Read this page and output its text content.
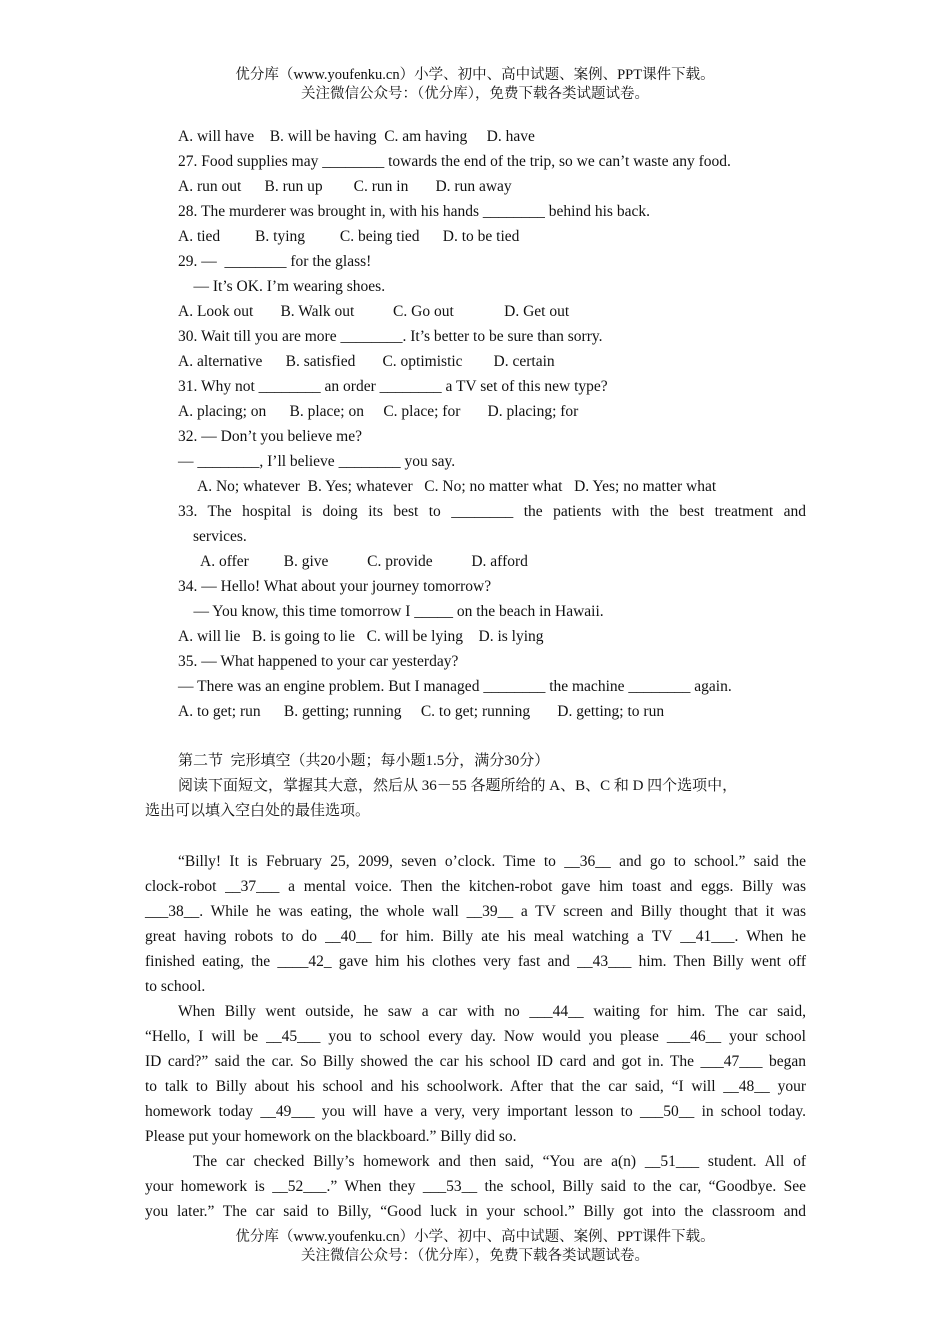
优分库（www.youfenku.cn）小学、初中、高中试题、案例、PPT课件下载。
关注微信公众号：（优分库），免费下载各类试题试卷。
A. will have    B. will be having  C. am having     D. have
27. Food supplies may ________ towards the end of the trip, so we can’t waste any food.
A. run out      B. run up        C. run in       D. run away
28. The murderer was brought in, with his hands ________ behind his back.
A. tied         B. tying         C. being tied      D. to be tied
29. —  ________ for the glass!
— It’s OK. I’m wearing shoes.
A. Look out       B. Walk out          C. Go out             D. Get out
30. Wait till you are more ________. It’s better to be sure than sorry.
A. alternative      B. satisfied       C. optimistic        D. certain
31. Why not ________ an order ________ a TV set of this new type?
A. placing; on      B. place; on     C. place; for       D. placing; for
32. — Don’t you believe me?
— ________, I’ll believe ________ you say.
A. No; whatever  B. Yes; whatever   C. No; no matter what   D. Yes; no matter what
33. The hospital is doing its best to ________ the patients with the best treatment and
services.
A. offer         B. give          C. provide          D. afford
34. — Hello! What about your journey tomorrow?
— You know, this time tomorrow I _____ on the beach in Hawaii.
A. will lie   B. is going to lie   C. will be lying    D. is lying
35. — What happened to your car yesterday?
— There was an engine problem. But I managed ________ the machine ________ again.
A. to get; run      B. getting; running     C. to get; running       D. getting; to run
第二节  完形填空（共20小题；每小题1.5分，满分30分）
阅读下面短文，掌握其大意，然后从 36－55 各题所给的 A、B、C 和 D 四个选项中，
选出可以填入空白处的最佳选项。
“Billy! It is February 25, 2099, seven o’clock. Time to __36__ and go to school.” said the
clock-robot __37___ a mental voice. Then the kitchen-robot gave him toast and eggs. Billy was
___38__. While he was eating, the whole wall __39__ a TV screen and Billy thought that it was
great having robots to do __40__ for him. Billy ate his meal watching a TV __41___. When he
finished eating, the ____42_ gave him his clothes very fast and __43___ him. Then Billy went off
to school.
When Billy went outside, he saw a car with no ___44__ waiting for him. The car said,
“Hello, I will be __45___ you to school every day. Now would you please ___46__ your school
ID card?” said the car. So Billy showed the car his school ID card and got in. The ___47___ began
to talk to Billy about his school and his schoolwork. After that the car said, “I will __48__ your
homework today __49___ you will have a very, very important lesson to ___50__ in school today.
Please put your homework on the blackboard.” Billy did so.
The car checked Billy’s homework and then said, “You are a(n) __51___ student. All of
your homework is __52___.” When they ___53__ the school, Billy said to the car, “Goodbye. See
you later.” The car said to Billy, “Good luck in your school.” Billy got into the classroom and
优分库（www.youfenku.cn）小学、初中、高中试题、案例、PPT课件下载。
关注微信公众号：（优分库），免费下载各类试题试卷。
